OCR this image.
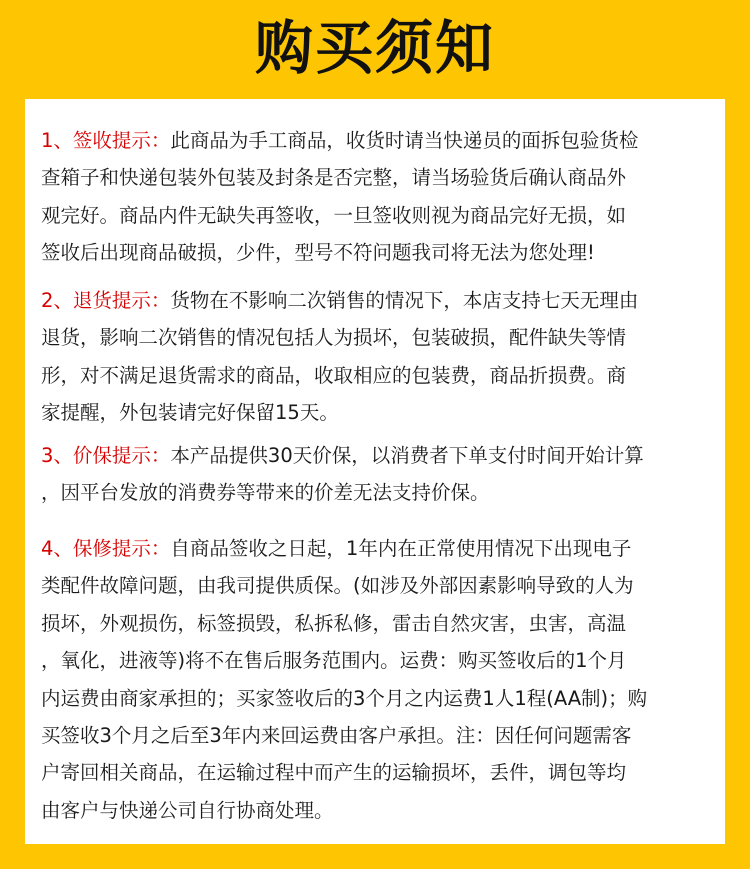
购买须知

1、签收提示：此商品为手工商品，收货时请当快递员的面拆包验货检
查箱子和快递包装外包装及封条是否完整，请当场验货后确认商品外
观完好。商品内件无缺失再签收，一旦签收则视为商品完好无损，如
签收后出现商品破损，少件，型号不符问题我司将无法为您处理!

2、退货提示：货物在不影响二次销售的情况下，本店支持七天无理由
退货，影响二次销售的情况包括人为损坏，包装破损，配件缺失等情
形，对不满足退货需求的商品，收取相应的包装费，商品折损费。商
家提醒，外包装请完好保留15天。

3、价保提示：本产品提供30天价保，以消费者下单支付时间开始计算
，因平台发放的消费券等带来的价差无法支持价保。

4、保修提示：自商品签收之日起，1年内在正常使用情况下出现电子
类配件故障问题，由我司提供质保。(如涉及外部因素影响导致的人为
损坏，外观损伤，标签损毁，私拆私修，雷击自然灾害，虫害，高温
，氧化，进液等)将不在售后服务范围内。运费：购买签收后的1个月
内运费由商家承担的；买家签收后的3个月之内运费1人1程(AA制)；购
买签收3个月之后至3年内来回运费由客户承担。注：因任何问题需客
户寄回相关商品，在运输过程中而产生的运输损坏，丢件，调包等均
由客户与快递公司自行协商处理。
